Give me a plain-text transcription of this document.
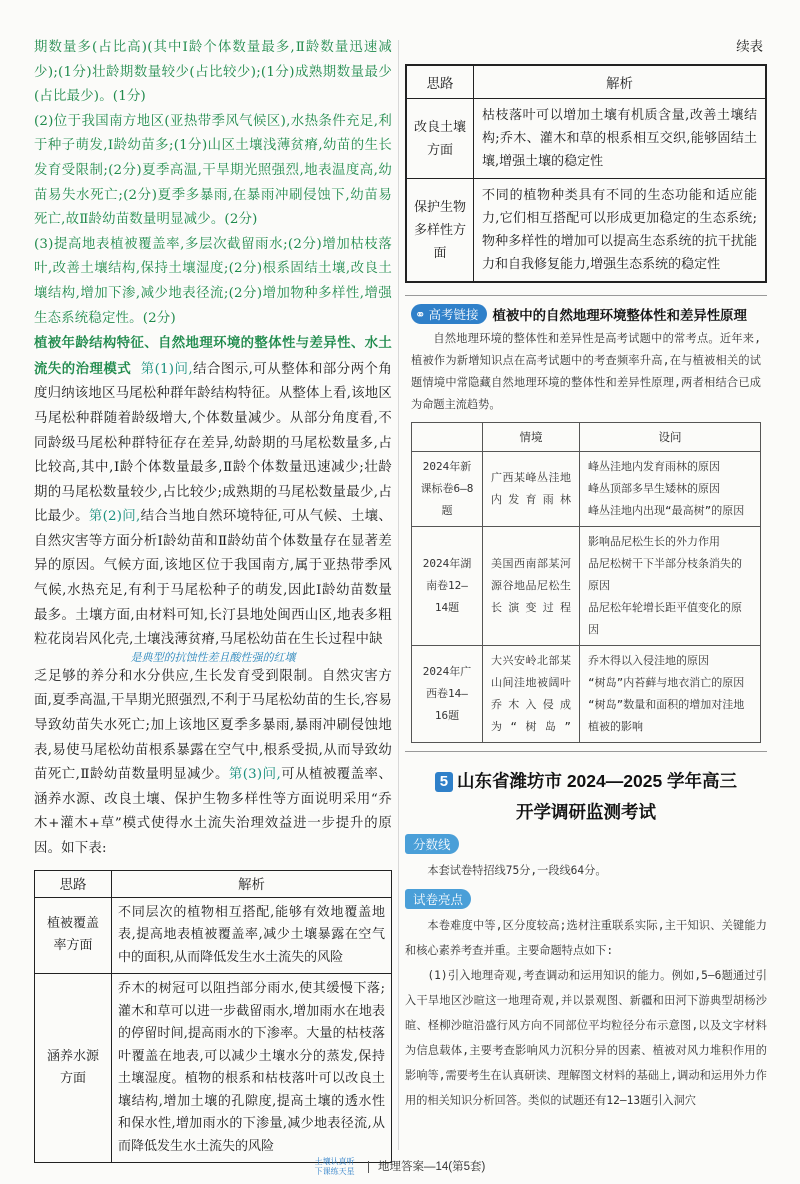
期数量多(占比高)(其中Ⅰ龄个体数量最多,Ⅱ龄数量迅速减少);(1分)壮龄期数量较少(占比较少);(1分)成熟期数量最少(占比最少)。(1分)

(2)位于我国南方地区(亚热带季风气候区),水热条件充足,利于种子萌发,Ⅰ龄幼苗多;(1分)山区土壤浅薄贫瘠,幼苗的生长发育受限制;(2分)夏季高温,干旱期光照强烈,地表温度高,幼苗易失水死亡;(2分)夏季多暴雨,在暴雨冲刷侵蚀下,幼苗易死亡,故Ⅱ龄幼苗数量明显减少。(2分)

(3)提高地表植被覆盖率,多层次截留雨水;(2分)增加枯枝落叶,改善土壤结构,保持土壤湿度;(2分)根系固结土壤,改良土壤结构,增加下渗,减少地表径流;(2分)增加物种多样性,增强生态系统稳定性。(2分)

植被年龄结构特征、自然地理环境的整体性与差异性、水土流失的治理模式 第(1)问,结合图示,可从整体和部分两个角度归纳该地区马尾松种群年龄结构特征。从整体上看,该地区马尾松种群随着龄级增大,个体数量减少。从部分角度看,不同龄级马尾松种群特征存在差异,幼龄期的马尾松数量多,占比较高,其中,Ⅰ龄个体数量最多,Ⅱ龄个体数量迅速减少;壮龄期的马尾松数量较少,占比较少;成熟期的马尾松数量最少,占比最少。第(2)问,结合当地自然环境特征,可从气候、土壤、自然灾害等方面分析Ⅰ龄幼苗和Ⅱ龄幼苗个体数量存在显著差异的原因。气候方面,该地区位于我国南方,属于亚热带季风气候,水热充足,有利于马尾松种子的萌发,因此Ⅰ龄幼苗数量最多。土壤方面,由材料可知,长汀县地处闽西山区,地表多粗粒花岗岩风化壳,土壤浅薄贫瘠,马尾松幼苗在生长过程中缺
是典型的抗蚀性差且酸性强的红壤
乏足够的养分和水分供应,生长发育受到限制。自然灾害方面,夏季高温,干旱期光照强烈,不利于马尾松幼苗的生长,容易导致幼苗失水死亡;加上该地区夏季多暴雨,暴雨冲刷侵蚀地表,易使马尾松幼苗根系暴露在空气中,根系受损,从而导致幼苗死亡,Ⅱ龄幼苗数量明显减少。第(3)问,可从植被覆盖率、涵养水源、改良土壤、保护生物多样性等方面说明采用“乔木+灌木+草”模式使得水土流失治理效益进一步提升的原因。如下表:
思路	解析
植被覆盖率方面	不同层次的植物相互搭配,能够有效地覆盖地表,提高地表植被覆盖率,减少土壤暴露在空气中的面积,从而降低发生水土流失的风险
涵养水源方面	乔木的树冠可以阻挡部分雨水,使其缓慢下落;灌木和草可以进一步截留雨水,增加雨水在地表的停留时间,提高雨水的下渗率。大量的枯枝落叶覆盖在地表,可以减少土壤水分的蒸发,保持土壤湿度。植物的根系和枯枝落叶可以改良土壤结构,增加土壤的孔隙度,提高土壤的透水性和保水性,增加雨水的下渗量,减少地表径流,从而降低发生水土流失的风险
续表
思路	解析
改良土壤方面	枯枝落叶可以增加土壤有机质含量,改善土壤结构;乔木、灌木和草的根系相互交织,能够固结土壤,增强土壤的稳定性
保护生物多样性方面	不同的植物种类具有不同的生态功能和适应能力,它们相互搭配可以形成更加稳定的生态系统;物种多样性的增加可以提高生态系统的抗干扰能力和自我修复能力,增强生态系统的稳定性
⚭ 高考链接 植被中的自然地理环境整体性和差异性原理

自然地理环境的整体性和差异性是高考试题中的常考点。近年来,植被作为新增知识点在高考试题中的考查频率升高,在与植被相关的试题情境中常隐藏自然地理环境的整体性和差异性原理,两者相结合已成为命题主流趋势。

	情境	设问
2024年新课标卷6—8题	广西某峰丛洼地内发育雨林	峰丛洼地内发育雨林的原因
峰丛顶部多旱生矮林的原因
峰丛洼地内出现“最高树”的原因

2024年湖南卷12—14题	美国西南部某河源谷地品尼松生长演变过程	影响品尼松生长的外力作用
品尼松树干下半部分枝条消失的原因
品尼松年轮增长距平值变化的原因

2024年广西卷14—16题	大兴安岭北部某山间洼地被阔叶乔木入侵成为“树岛”	乔木得以入侵洼地的原因
“树岛”内苔藓与地衣消亡的原因
“树岛”数量和面积的增加对洼地植被的影响
5 山东省潍坊市 2024—2025 学年高三
开学调研监测考试
分数线

本套试卷特招线75分,一段线64分。

试卷亮点

本卷难度中等,区分度较高;选材注重联系实际,主干知识、关键能力和核心素养考查并重。主要命题特点如下:

(1)引入地理奇观,考查调动和运用知识的能力。例如,5—6题通过引入干旱地区沙暄这一地理奇观,并以景观图、新疆和田河下游典型胡杨沙暄、柽柳沙暄沿盛行风方向不同部位平均粒径分布示意图,以及文字材料为信息载体,主要考查影响风力沉积分异的因素、植被对风力堆积作用的影响等,需要考生在认真研读、理解图文材料的基础上,调动和运用外力作用的相关知识分析回答。类似的试题还有12—13题引入洞穴

土壤认真听
下课练天星 地理答案—14(第5套)
